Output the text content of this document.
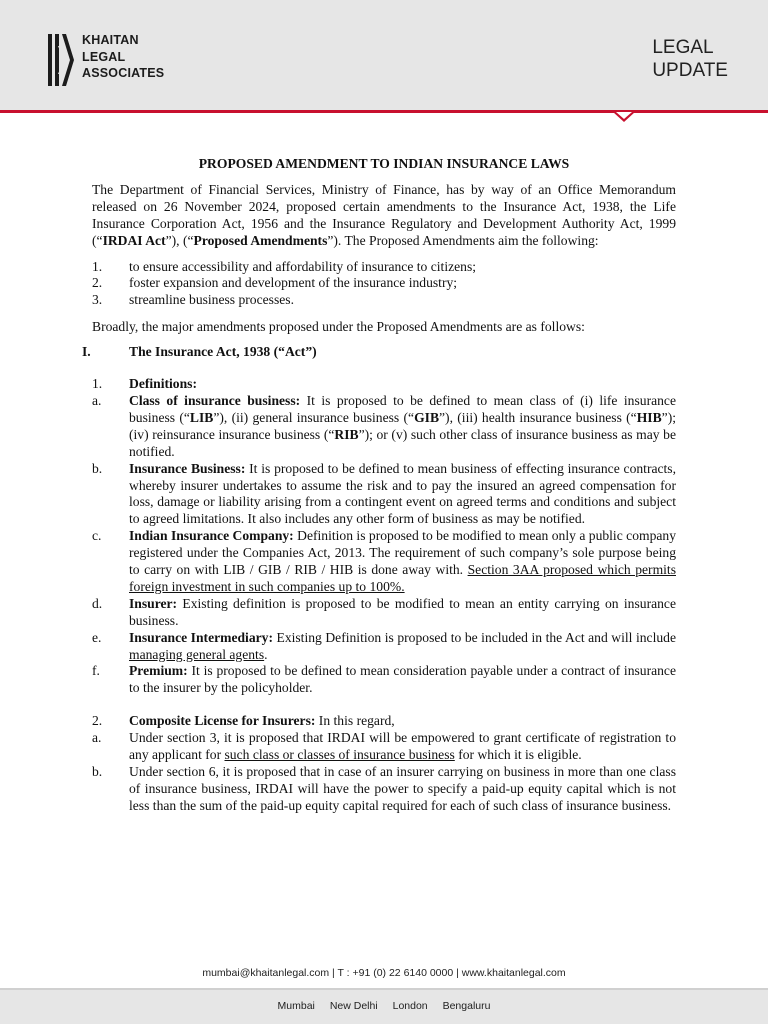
KHAITAN
LEGAL
ASSOCIATES
LEGAL
UPDATE
PROPOSED AMENDMENT TO INDIAN INSURANCE LAWS
The Department of Financial Services, Ministry of Finance, has by way of an Office Memorandum released on 26 November 2024, proposed certain amendments to the Insurance Act, 1938, the Life Insurance Corporation Act, 1956 and the Insurance Regulatory and Development Authority Act, 1999 (“IRDAI Act”), (“Proposed Amendments”). The Proposed Amendments aim the following:
1.	to ensure accessibility and affordability of insurance to citizens;
2.	foster expansion and development of the insurance industry;
3.	streamline business processes.
Broadly, the major amendments proposed under the Proposed Amendments are as follows:
I.	The Insurance Act, 1938 (“Act”)
1.	Definitions:
a.	Class of insurance business: It is proposed to be defined to mean class of (i) life insurance business (“LIB”), (ii) general insurance business (“GIB”), (iii) health insurance business (“HIB”); (iv) reinsurance insurance business (“RIB”); or (v) such other class of insurance business as may be notified.
b.	Insurance Business: It is proposed to be defined to mean business of effecting insurance contracts, whereby insurer undertakes to assume the risk and to pay the insured an agreed compensation for loss, damage or liability arising from a contingent event on agreed terms and conditions and subject to agreed limitations. It also includes any other form of business as may be notified.
c.	Indian Insurance Company: Definition is proposed to be modified to mean only a public company registered under the Companies Act, 2013. The requirement of such company’s sole purpose being to carry on with LIB / GIB / RIB / HIB is done away with. Section 3AA proposed which permits foreign investment in such companies up to 100%.
d.	Insurer: Existing definition is proposed to be modified to mean an entity carrying on insurance business.
e.	Insurance Intermediary: Existing Definition is proposed to be included in the Act and will include managing general agents.
f.	Premium: It is proposed to be defined to mean consideration payable under a contract of insurance to the insurer by the policyholder.
2.	Composite License for Insurers: In this regard,
a.	Under section 3, it is proposed that IRDAI will be empowered to grant certificate of registration to any applicant for such class or classes of insurance business for which it is eligible.
b.	Under section 6, it is proposed that in case of an insurer carrying on business in more than one class of insurance business, IRDAI will have the power to specify a paid-up equity capital which is not less than the sum of the paid-up equity capital required for each of such class of insurance business.
mumbai@khaitanlegal.com | T : +91 (0) 22 6140 0000 | www.khaitanlegal.com
Mumbai New Delhi London Bengaluru
